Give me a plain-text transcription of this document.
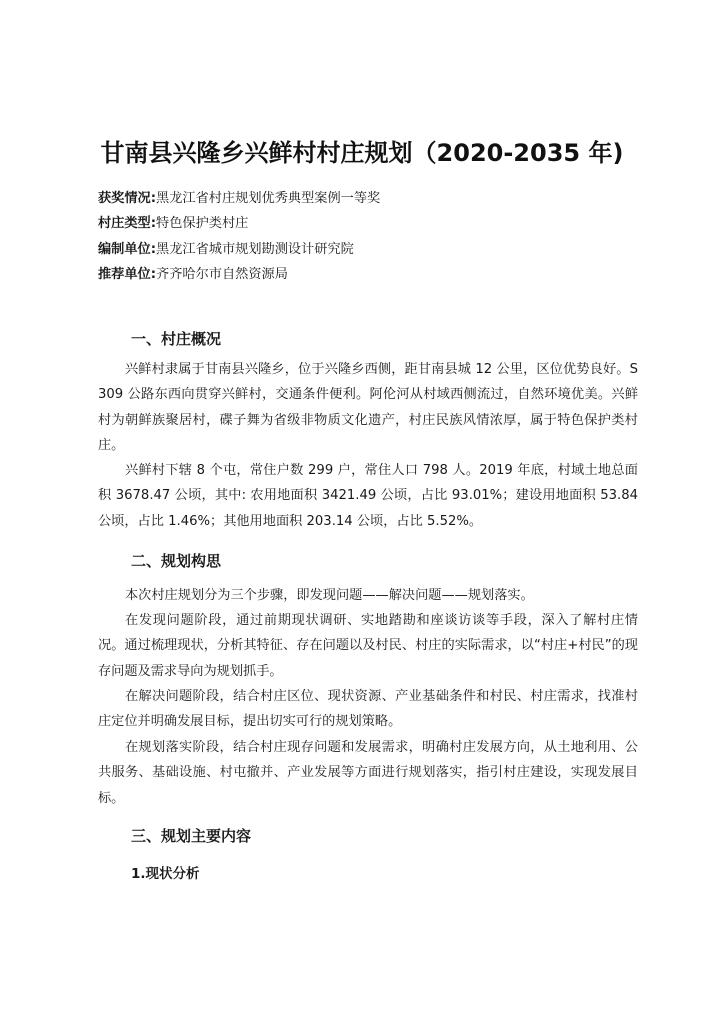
甘南县兴隆乡兴鲜村村庄规划（2020-2035 年)
获奖情况:黑龙江省村庄规划优秀典型案例一等奖
村庄类型:特色保护类村庄
编制单位:黑龙江省城市规划勘测设计研究院
推荐单位:齐齐哈尔市自然资源局
一、村庄概况
兴鲜村隶属于甘南县兴隆乡，位于兴隆乡西侧，距甘南县城 12 公里，区位优势良好。S309 公路东西向贯穿兴鲜村，交通条件便利。阿伦河从村域西侧流过，自然环境优美。兴鲜村为朝鲜族聚居村，碟子舞为省级非物质文化遗产，村庄民族风情浓厚，属于特色保护类村庄。
兴鲜村下辖 8 个屯，常住户数 299 户，常住人口 798 人。2019 年底，村域土地总面积 3678.47 公顷，其中: 农用地面积 3421.49 公顷，占比 93.01%；建设用地面积 53.84 公顷，占比 1.46%；其他用地面积 203.14 公顷，占比 5.52%。
二、规划构思
本次村庄规划分为三个步骤，即发现问题——解决问题——规划落实。
在发现问题阶段，通过前期现状调研、实地踏勘和座谈访谈等手段，深入了解村庄情况。通过梳理现状，分析其特征、存在问题以及村民、村庄的实际需求，以“村庄+村民”的现存问题及需求导向为规划抓手。
在解决问题阶段，结合村庄区位、现状资源、产业基础条件和村民、村庄需求，找准村庄定位并明确发展目标，提出切实可行的规划策略。
在规划落实阶段，结合村庄现存问题和发展需求，明确村庄发展方向，从土地利用、公共服务、基础设施、村屯撤并、产业发展等方面进行规划落实，指引村庄建设，实现发展目标。
三、规划主要内容
1.现状分析
